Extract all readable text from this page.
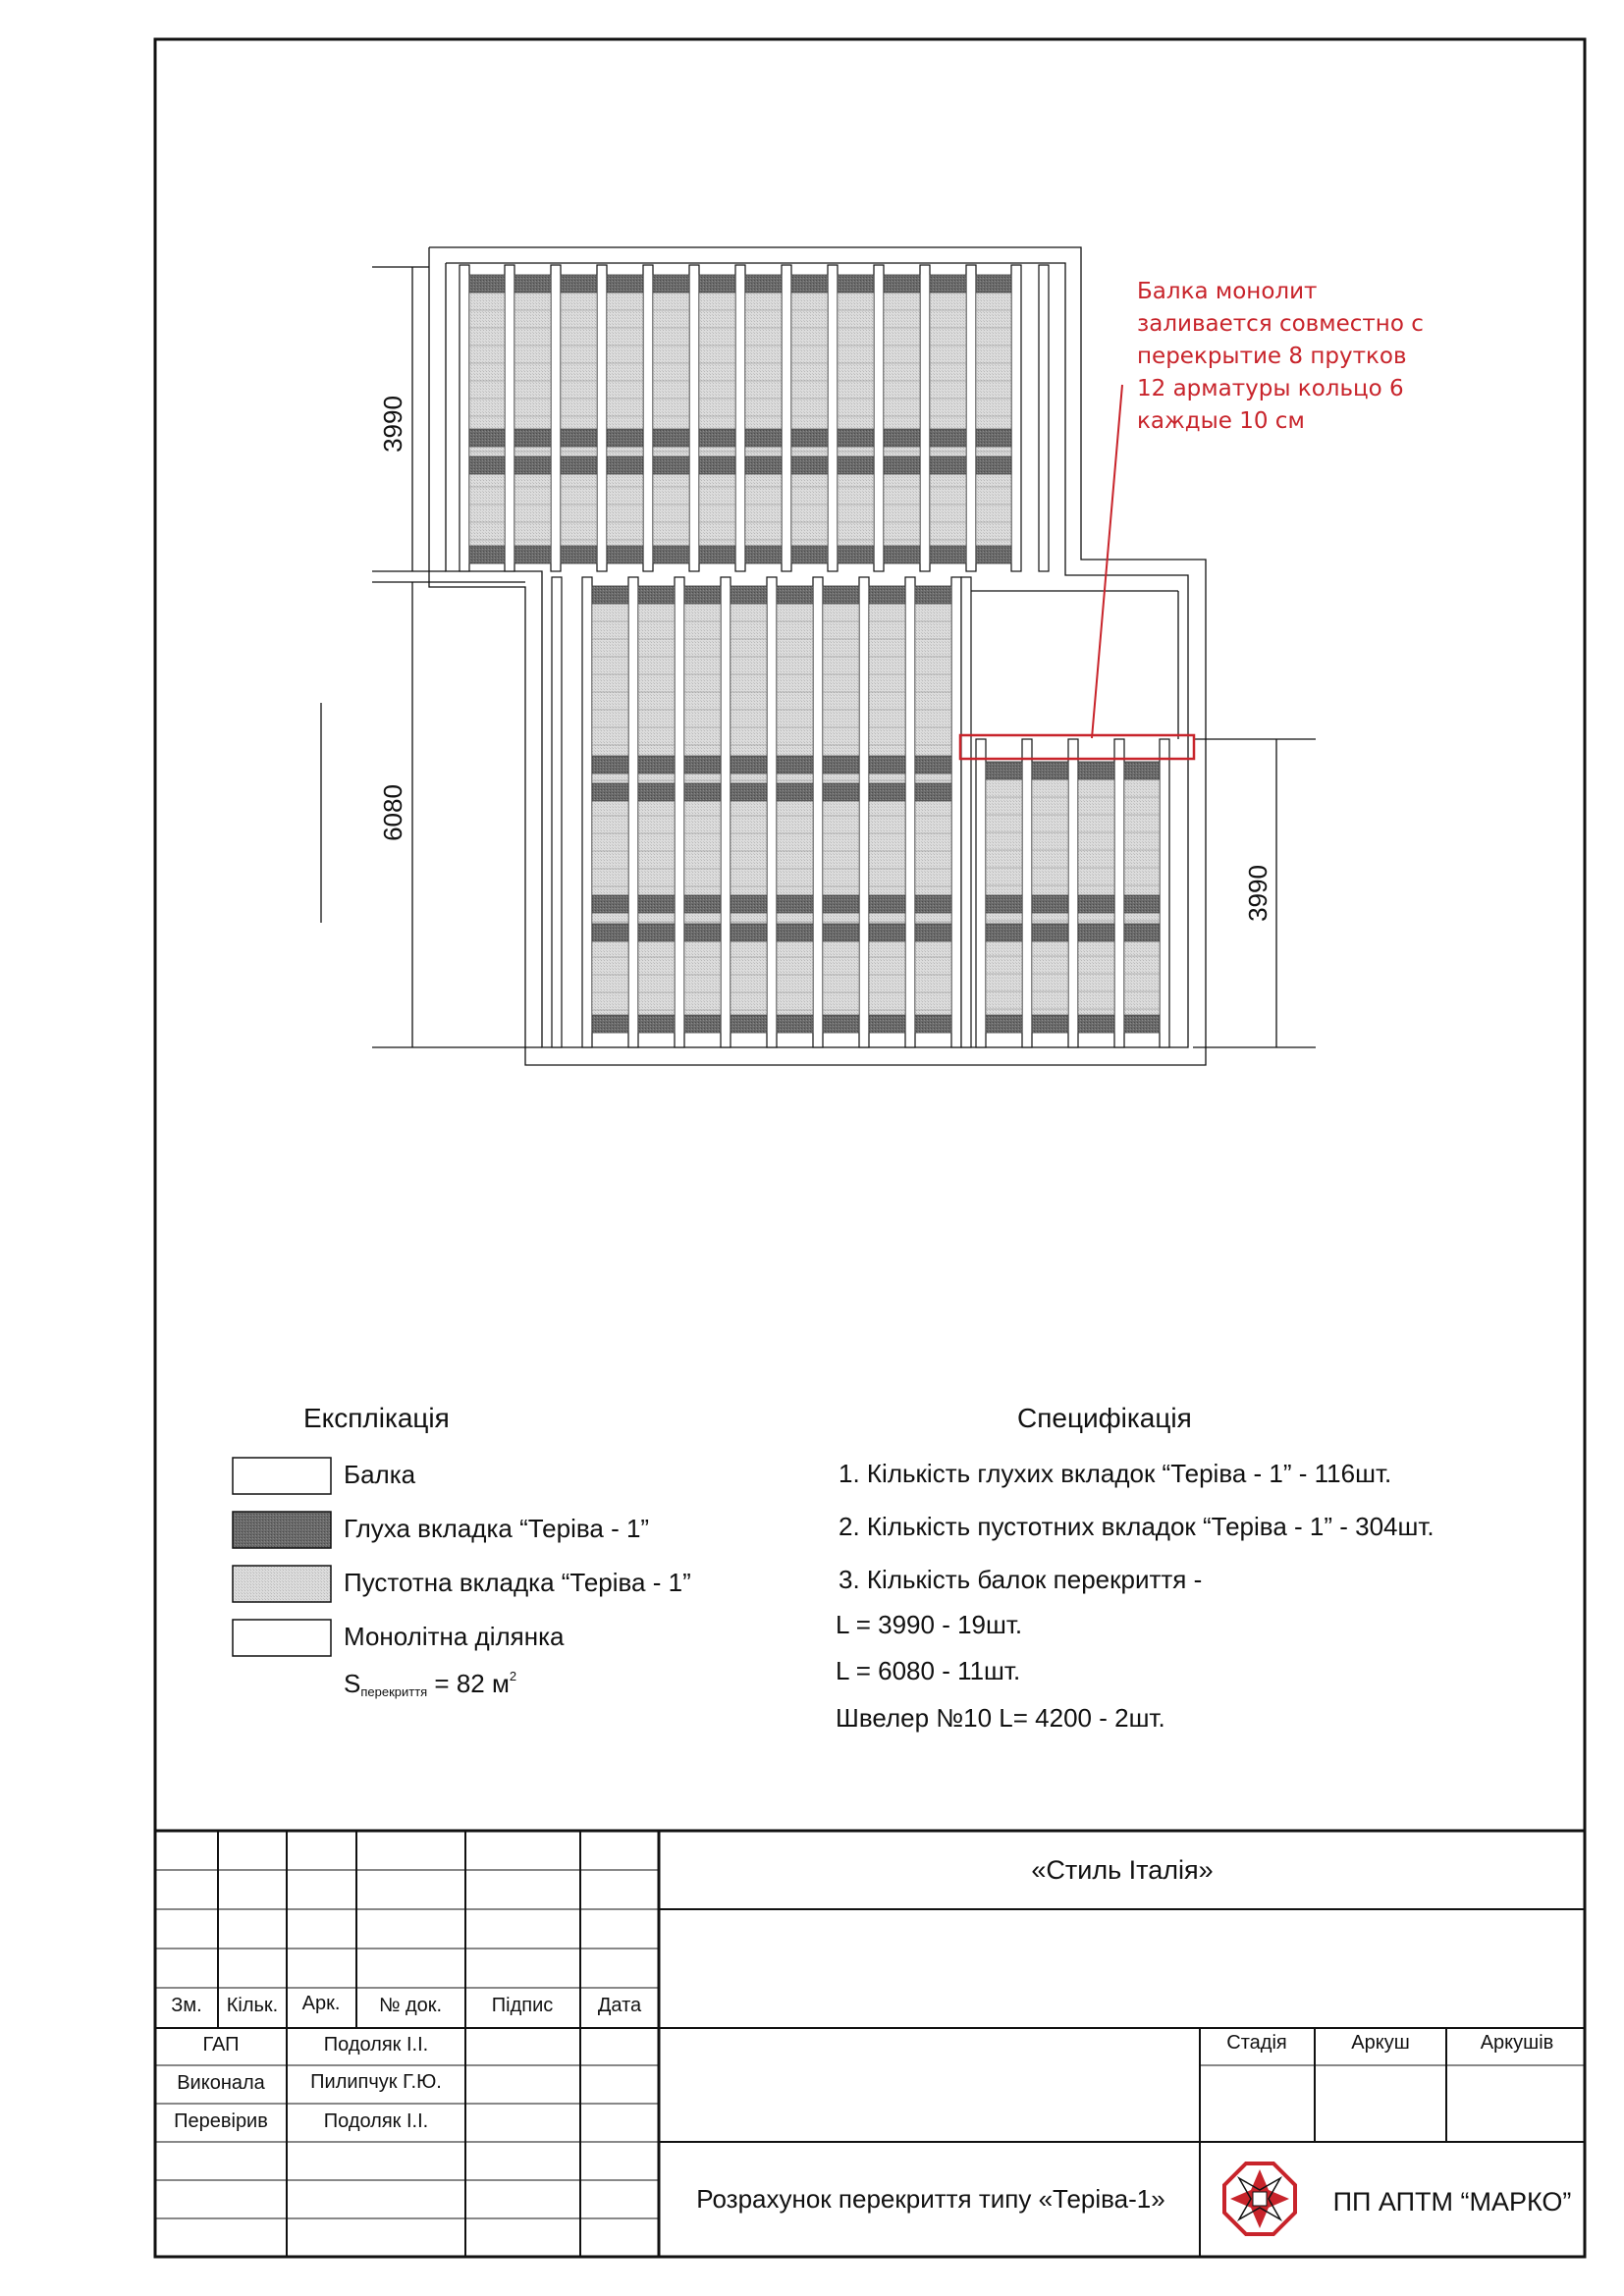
3990
6080
3990
Балка монолит
заливается совместно с
перекрытие 8 прутков
12 арматуры кольцо 6
каждые 10 см
Експлікація
Балка
Глуха вкладка “Теріва - 1”
Пустотна вкладка “Теріва - 1”
Монолітна ділянка
$S_{перекриття} = 82$ $м^2$
Специфікація
1. Кількість глухих вкладок “Теріва - 1” - 116шт.
2. Кількість пустотних вкладок “Теріва - 1” - 304шт.
3. Кількість балок перекриття -
L = 3990 - 19шт.
L = 6080 - 11шт.
Швелер №10 L= 4200 - 2шт.
«Стиль Італія»
Зм. Кільк. Арк. № док.	Підпис Дата
ГАП	Подоляк І.І.
Виконала Пилипчук Г.Ю.
Перевірив	Подоляк І.І.
Стадія	Аркуш	Аркушів
Розрахунок перекриття типу «Теріва-1»	ПП АПТМ “МАРКО”
